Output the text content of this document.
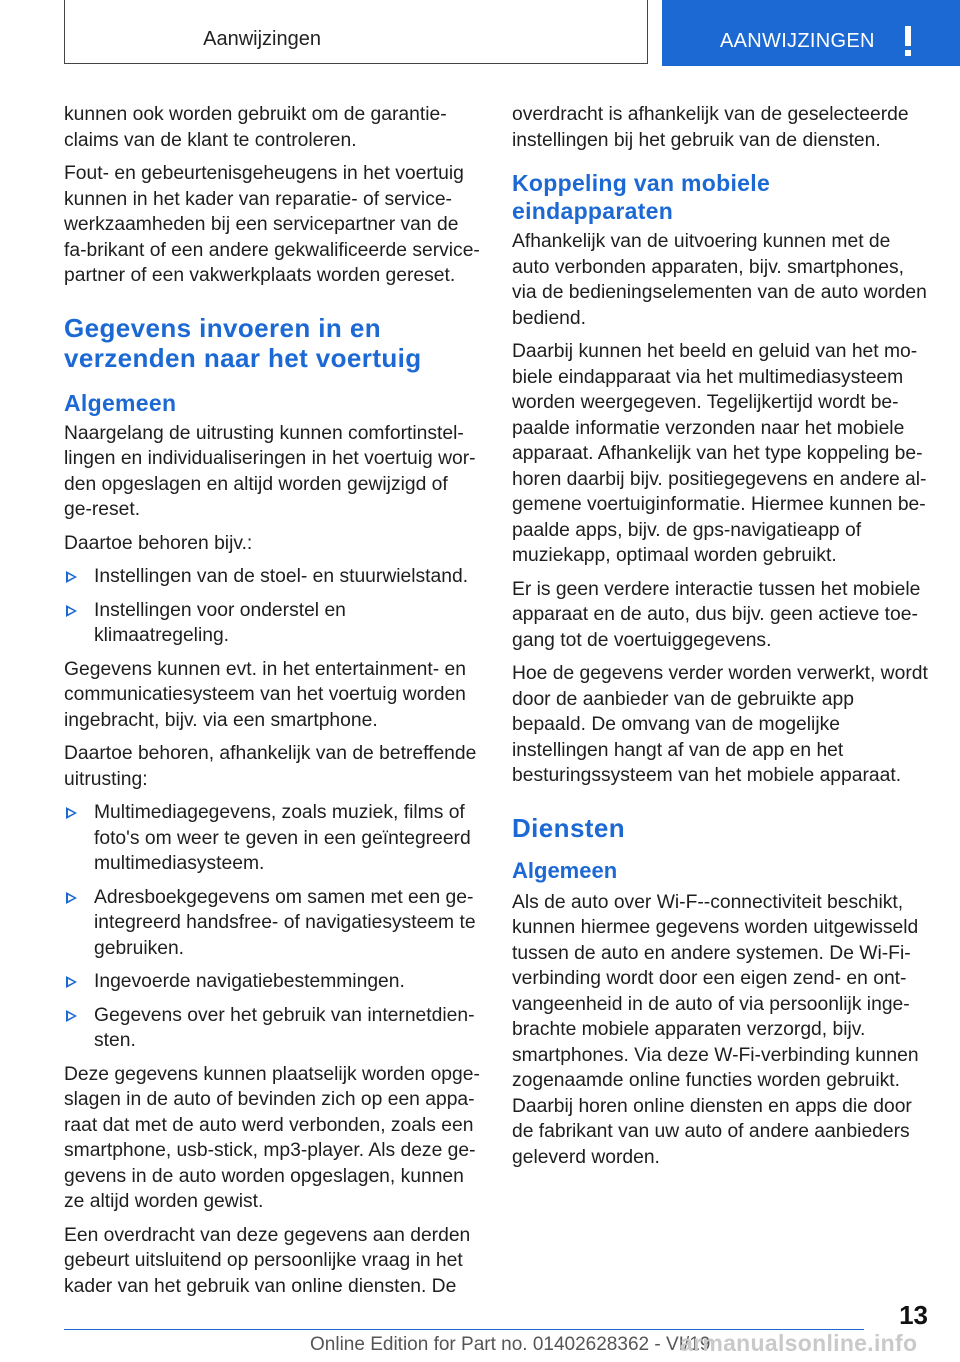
Aanwijzingen	AANWIJZINGEN

kunnen ook worden gebruikt om de garantie-claims van de klant te controleren.

Fout- en gebeurtenisgeheugens in het voertuig kunnen in het kader van reparatie- of service-werkzaamheden bij een servicepartner van de fa-brikant of een andere gekwalificeerde service-partner of een vakwerkplaats worden gereset.

Gegevens invoeren in en verzenden naar het voertuig
Algemeen

Naargelang de uitrusting kunnen comfortinstel-lingen en individualiseringen in het voertuig wor-den opgeslagen en altijd worden gewijzigd of ge-reset.

Daartoe behoren bijv.:

Instellingen van de stoel- en stuurwielstand.
Instellingen voor onderstel en klimaatregeling.

Gegevens kunnen evt. in het entertainment- en communicatiesysteem van het voertuig worden ingebracht, bijv. via een smartphone.

Daartoe behoren, afhankelijk van de betreffende uitrusting:

Multimediagegevens, zoals muziek, films of foto's om weer te geven in een geïntegreerd multimediasysteem.
Adresboekgegevens om samen met een ge-integreerd handsfree- of navigatiesysteem te gebruiken.
Ingevoerde navigatiebestemmingen.
Gegevens over het gebruik van internetdien-sten.

Deze gegevens kunnen plaatselijk worden opge-slagen in de auto of bevinden zich op een appa-raat dat met de auto werd verbonden, zoals een smartphone, usb-stick, mp3-player. Als deze ge-gevens in de auto worden opgeslagen, kunnen ze altijd worden gewist.

Een overdracht van deze gegevens aan derden gebeurt uitsluitend op persoonlijke vraag in het kader van het gebruik van online diensten. De

overdracht is afhankelijk van de geselecteerde instellingen bij het gebruik van de diensten.

Koppeling van mobiele eindapparaten

Afhankelijk van de uitvoering kunnen met de auto verbonden apparaten, bijv. smartphones, via de bedieningselementen van de auto worden bediend.

Daarbij kunnen het beeld en geluid van het mo-biele eindapparaat via het multimediasysteem worden weergegeven. Tegelijkertijd wordt be-paalde informatie verzonden naar het mobiele apparaat. Afhankelijk van het type koppeling be-horen daarbij bijv. positiegegevens en andere al-gemene voertuiginformatie. Hiermee kunnen be-paalde apps, bijv. de gps-navigatieapp of muziekapp, optimaal worden gebruikt.

Er is geen verdere interactie tussen het mobiele apparaat en de auto, dus bijv. geen actieve toe-gang tot de voertuiggegevens.

Hoe de gegevens verder worden verwerkt, wordt door de aanbieder van de gebruikte app bepaald. De omvang van de mogelijke instellingen hangt af van de app en het besturingssysteem van het mobiele apparaat.

Diensten
Algemeen

Als de auto over Wi-F--connectiviteit beschikt, kunnen hiermee gegevens worden uitgewisseld tussen de auto en andere systemen. De Wi-Fi-verbinding wordt door een eigen zend- en ont-vangeenheid in de auto of via persoonlijk inge-brachte mobiele apparaten verzorgd, bijv. smartphones. Via deze W-Fi-verbinding kunnen zogenaamde online functies worden gebruikt. Daarbij horen online diensten en apps die door de fabrikant van uw auto of andere aanbieders geleverd worden.

13
Online Edition for Part no. 01402628362 - VI/19
armanualsonline.info
